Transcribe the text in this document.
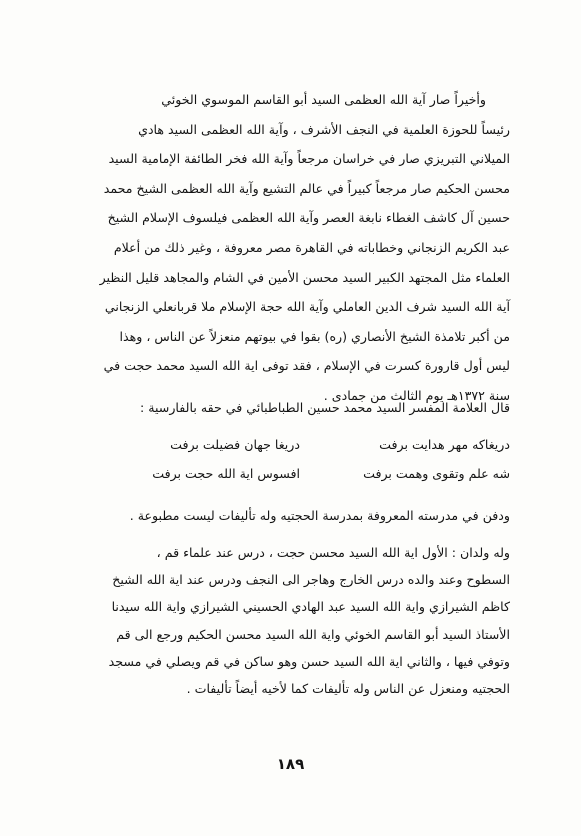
وأخيراً صار آية الله العظمى السيد أبو القاسم الموسوي الخوئي
رئيساً للحوزة العلمية في النجف الأشرف ، وآية الله العظمى السيد هادي
الميلاني التبريزي صار في خراسان مرجعاً وآية الله فخر الطائفة الإمامية السيد
محسن الحكيم صار مرجعاً كبيراً في عالم التشيع وآية الله العظمى الشيخ محمد
حسين آل كاشف الغطاء نابغة العصر وآية الله العظمى فيلسوف الإسلام الشيخ
عبد الكريم الزنجاني وخطاباته في القاهرة مصر معروفة ، وغير ذلك من أعلام
العلماء مثل المجتهد الكبير السيد محسن الأمين في الشام والمجاهد قليل النظير
آية الله السيد شرف الدين العاملي وآية الله حجة الإسلام ملا قربانعلي الزنجاني
من أكبر تلامذة الشيخ الأنصاري (ره) بقوا في بيوتهم منعزلاً عن الناس ، وهذا
ليس أول قارورة كسرت في الإسلام ، فقد توفى اية الله السيد محمد حجت في
سنة ١٣٧٢هـ يوم الثالث من جمادى .
قال العلامة المفسر السيد محمد حسين الطباطبائي في حقه بالفارسية :
دريغاكه مهر هدايت برفت
دريغا جهان فضيلت برفت
شه علم وتقوى وهمت برفت
افسوس اية الله حجت برفت
ودفن في مدرسته المعروفة بمدرسة الحجتيه وله تأليفات ليست مطبوعة .
وله ولدان : الأول اية الله السيد محسن حجت ، درس عند علماء قم ،
السطوح وعند والده درس الخارج وهاجر الى النجف ودرس عند اية الله الشيخ
كاظم الشيرازي واية الله السيد عبد الهادي الحسيني الشيرازي واية الله سيدنا
الأستاذ السيد أبو القاسم الخوئي واية الله السيد محسن الحكيم ورجع الى قم
وتوفي فيها ، والثاني اية الله السيد حسن وهو ساكن في قم ويصلي في مسجد
الحجتيه ومنعزل عن الناس وله تأليفات كما لأخيه أيضاً تأليفات .
١٨٩
